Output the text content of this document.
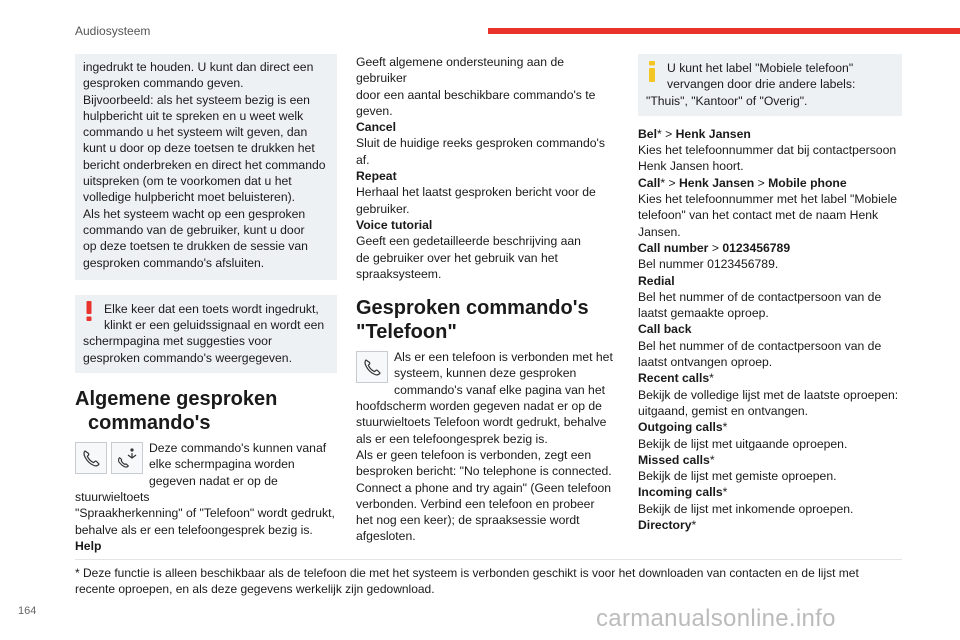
Audiosysteem
ingedrukt te houden. U kunt dan direct een
gesproken commando geven.
Bijvoorbeeld: als het systeem bezig is een
hulpbericht uit te spreken en u weet welk
commando u het systeem wilt geven, dan
kunt u door op deze toetsen te drukken het
bericht onderbreken en direct het commando
uitspreken (om te voorkomen dat u het
volledige hulpbericht moet beluisteren).
Als het systeem wacht op een gesproken
commando van de gebruiker, kunt u door
op deze toetsen te drukken de sessie van
gesproken commando's afsluiten.
Elke keer dat een toets wordt ingedrukt,
klinkt er een geluidssignaal en wordt een
schermpagina met suggesties voor
gesproken commando's weergegeven.
Algemene gesproken
commando's
Deze commando's kunnen vanaf
elke schermpagina worden
gegeven nadat er op de stuurwieltoets
"Spraakherkenning" of "Telefoon" wordt gedrukt,
behalve als er een telefoongesprek bezig is.
Help
Geeft algemene ondersteuning aan de gebruiker
door een aantal beschikbare commando's te
geven.
Cancel
Sluit de huidige reeks gesproken commando's
af.
Repeat
Herhaal het laatst gesproken bericht voor de
gebruiker.
Voice tutorial
Geeft een gedetailleerde beschrijving aan
de gebruiker over het gebruik van het
spraaksysteem.
Gesproken commando's
"Telefoon"
Als er een telefoon is verbonden met het
systeem, kunnen deze gesproken
commando's vanaf elke pagina van het
hoofdscherm worden gegeven nadat er op de
stuurwieltoets Telefoon wordt gedrukt, behalve
als er een telefoongesprek bezig is.
Als er geen telefoon is verbonden, zegt een
besproken bericht: "No telephone is connected.
Connect a phone and try again" (Geen telefoon
verbonden. Verbind een telefoon en probeer
het nog een keer); de spraaksessie wordt
afgesloten.
U kunt het label "Mobiele telefoon"
vervangen door drie andere labels:
"Thuis", "Kantoor" of "Overig".
Bel* > Henk Jansen
Kies het telefoonnummer dat bij contactpersoon
Henk Jansen hoort.
Call* > Henk Jansen > Mobile phone
Kies het telefoonnummer met het label "Mobiele
telefoon" van het contact met de naam Henk
Jansen.
Call number > 0123456789
Bel nummer 0123456789.
Redial
Bel het nummer of de contactpersoon van de
laatst gemaakte oproep.
Call back
Bel het nummer of de contactpersoon van de
laatst ontvangen oproep.
Recent calls*
Bekijk de volledige lijst met de laatste oproepen:
uitgaand, gemist en ontvangen.
Outgoing calls*
Bekijk de lijst met uitgaande oproepen.
Missed calls*
Bekijk de lijst met gemiste oproepen.
Incoming calls*
Bekijk de lijst met inkomende oproepen.
Directory*
* Deze functie is alleen beschikbaar als de telefoon die met het systeem is verbonden geschikt is voor het downloaden van contacten en de lijst met
recente oproepen, en als deze gegevens werkelijk zijn gedownload.
164	carmanualsonline.info
